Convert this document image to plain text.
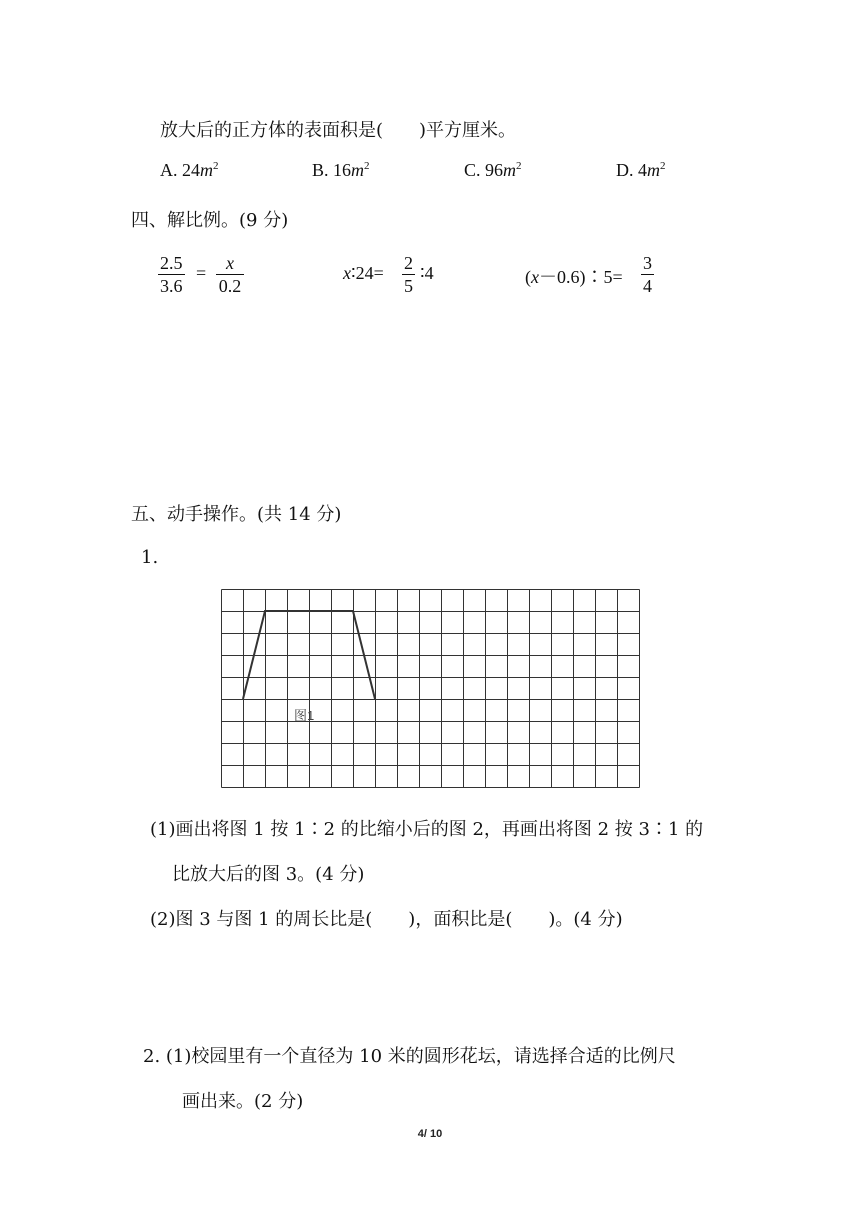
放大后的正方体的表面积是(　　)平方厘米。
A. $24m^2$	B. $16m^2$	C. $96m^2$	D. $4m^2$
四、解比例。(9 分)
$\frac{2.5}{3.6} = \frac{x}{0.2}$	x∶24= $\frac{2}{5}$ ∶4	(x－0.6)∶5= $\frac{3}{4}$
五、动手操作。(共 14 分)
1.
图1
(1)画出将图 1 按 1∶2 的比缩小后的图 2，再画出将图 2 按 3∶1 的
比放大后的图 3。(4 分)
(2)图 3 与图 1 的周长比是(　　)，面积比是(　　)。(4 分)
2. (1)校园里有一个直径为 10 米的圆形花坛，请选择合适的比例尺
画出来。(2 分)
4/ 10
